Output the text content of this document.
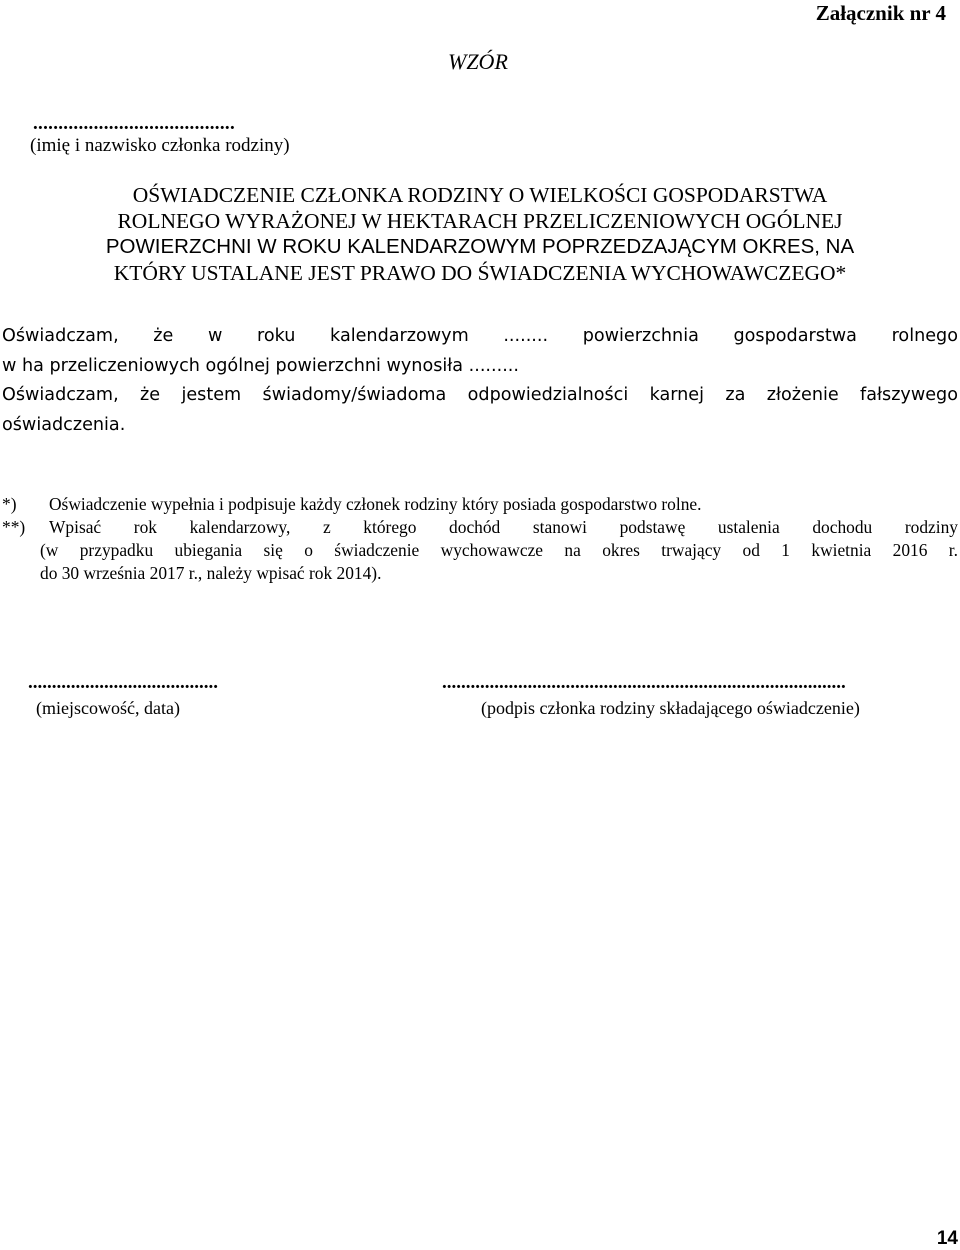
Załącznik nr 4
WZÓR
........................................
(imię i nazwisko członka rodziny)
OŚWIADCZENIE CZŁONKA RODZINY O WIELKOŚCI GOSPODARSTWA
ROLNEGO WYRAŻONEJ W HEKTARACH PRZELICZENIOWYCH OGÓLNEJ
POWIERZCHNI W ROKU KALENDARZOWYM POPRZEDZAJĄCYM OKRES, NA
KTÓRY USTALANE JEST PRAWO DO ŚWIADCZENIA WYCHOWAWCZEGO*
Oświadczam, że w roku kalendarzowym ........ powierzchnia gospodarstwa rolnego
w ha przeliczeniowych ogólnej powierzchni wynosiła .........
Oświadczam, że jestem świadomy/świadoma odpowiedzialności karnej za złożenie fałszywego
oświadczenia.
*) Oświadczenie wypełnia i podpisuje każdy członek rodziny który posiada gospodarstwo rolne.
**) Wpisać rok kalendarzowy, z którego dochód stanowi podstawę ustalenia dochodu rodziny
(w przypadku ubiegania się o świadczenie wychowawcze na okres trwający od 1 kwietnia 2016 r.
do 30 września 2017 r., należy wpisać rok 2014).
........................................	.....................................................................................
(miejscowość, data)	(podpis członka rodziny składającego oświadczenie)
14
